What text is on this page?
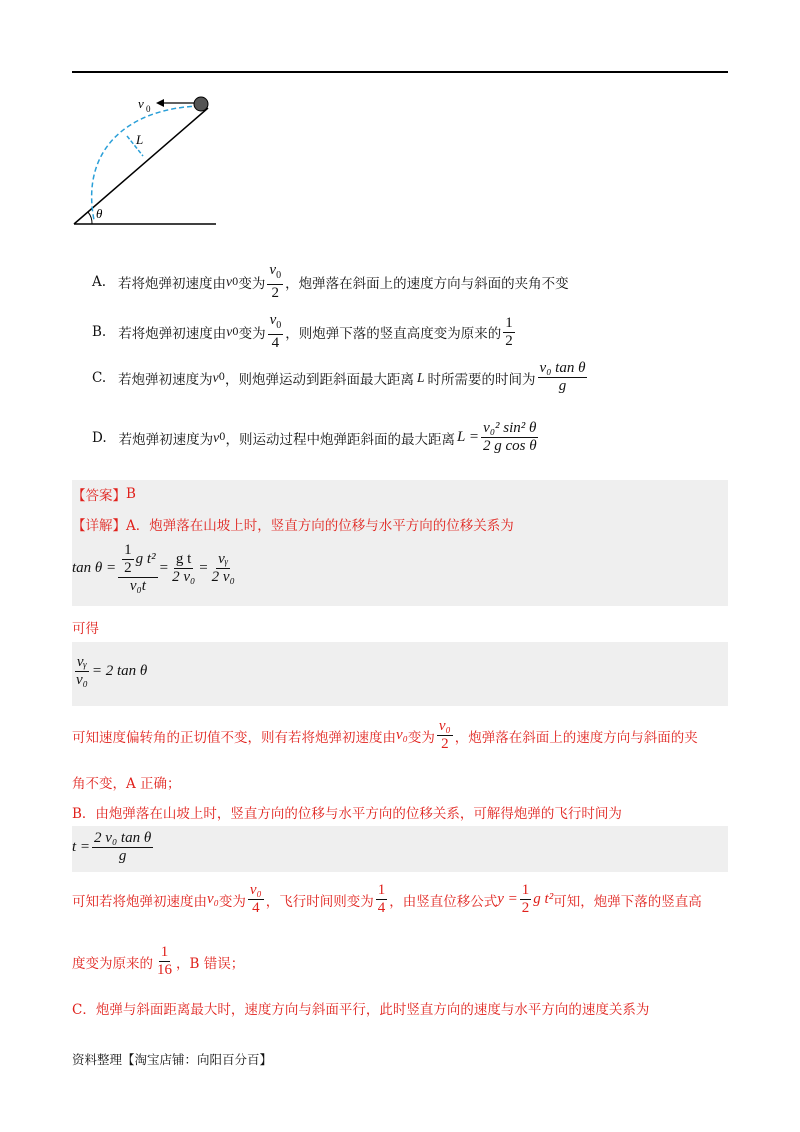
v 0
L
θ
A. 若将炮弹初速度由 v 0 变为 $\frac{v_0}{2}$ ，炮弹落在斜面上的速度方向与斜面的夹角不变
B. 若将炮弹初速度由 v 0 变为 $\frac{v_0}{4}$ ，则炮弹下落的竖直高度变为原来的 $\frac{1}{2}$
C. 若炮弹初速度为 v 0 ，则炮弹运动到距斜面最大距离 L 时所需要的时间为 $\frac{\text{v₀ tan θ}}{g}$
D. 若炮弹初速度为 v 0 ，则运动过程中炮弹距斜面的最大距离 $L = \frac{\text{v₀² sin² θ}}{\text{2 g cos θ}}$
【答案】 B
【详解】 A．炮弹落在山坡上时，竖直方向的位移与水平方向的位移关系为
$\tan \theta = \frac{\frac{1}{2} g t^2}{\text{v₀t}} = \frac{\text{g t}}{\text{2 v₀}} = \frac{\text{vᵧ}}{\text{2 v₀}}$
可得
$\frac{\text{vᵧ}}{\text{v₀}} = 2$ tan θ
可知速度偏转角的正切值不变，则有若将炮弹初速度由 v₀ 变为 $\frac{\text{v₀}}{2}$ ，炮弹落在斜面上的速度方向与斜面的夹
角不变，A 正确；
B．由炮弹落在山坡上时，竖直方向的位移与水平方向的位移关系，可解得炮弹的飞行时间为
$t = \frac{\text{2 v₀ tan θ}}{g}$
可知若将炮弹初速度由 v₀ 变为 $\frac{\text{v₀}}{4}$ ，飞行时间则变为 $\frac{1}{4}$ ，由竖直位移公式 $y = \frac{1}{2}$ g t² 可知，炮弹下落的竖直高
度变为原来的 $\frac{1}{16}$ ，B 错误；
C．炮弹与斜面距离最大时，速度方向与斜面平行，此时竖直方向的速度与水平方向的速度关系为
资料整理【淘宝店铺：向阳百分百】
